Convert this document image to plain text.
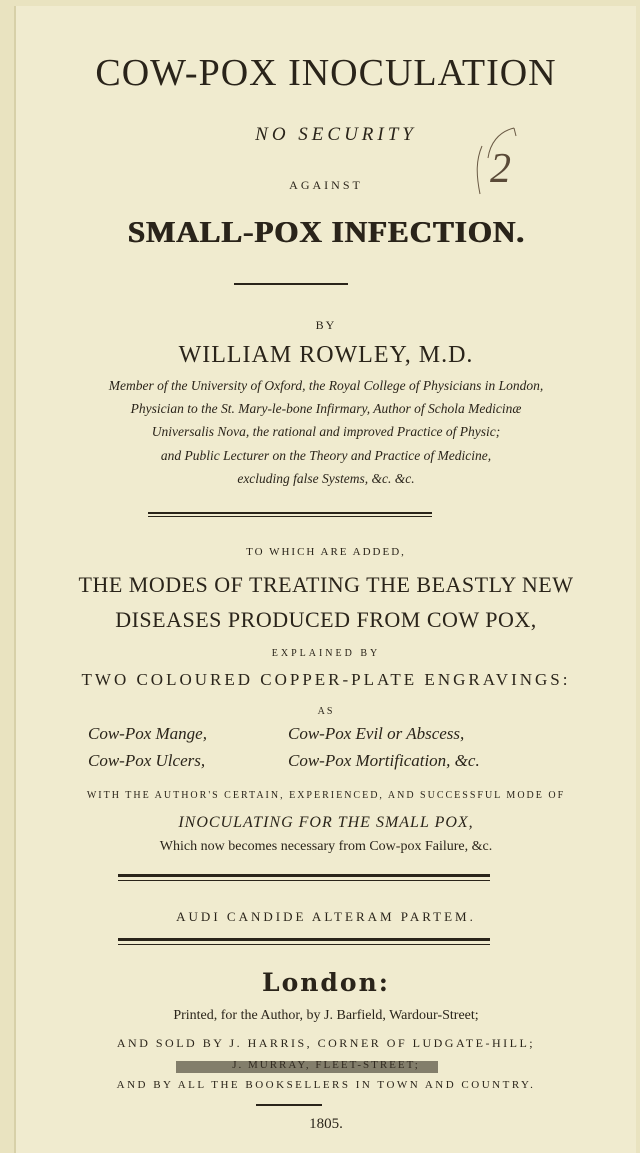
COW-POX INOCULATION
NO SECURITY
2
AGAINST
SMALL-POX INFECTION.
BY
WILLIAM ROWLEY, M.D.
Member of the University of Oxford, the Royal College of Physicians in London,
Physician to the St. Mary-le-bone Infirmary, Author of Schola Medicinæ
Universalis Nova, the rational and improved Practice of Physic;
and Public Lecturer on the Theory and Practice of Medicine,
excluding false Systems, &c. &c.
TO WHICH ARE ADDED,
THE MODES OF TREATING THE BEASTLY NEW
DISEASES PRODUCED FROM COW POX,
EXPLAINED BY
TWO COLOURED COPPER-PLATE ENGRAVINGS:
AS
Cow-Pox Mange,	Cow-Pox Evil or Abscess,
Cow-Pox Ulcers,	Cow-Pox Mortification, &c.
WITH THE AUTHOR'S CERTAIN, EXPERIENCED, AND SUCCESSFUL MODE OF
INOCULATING FOR THE SMALL POX,
Which now becomes necessary from Cow-pox Failure, &c.
AUDI CANDIDE ALTERAM PARTEM.
London:
Printed, for the Author, by J. Barfield, Wardour-Street;
AND SOLD BY J. HARRIS, CORNER OF LUDGATE-HILL;
AND BY ALL THE BOOKSELLERS IN TOWN AND COUNTRY.
1805.
